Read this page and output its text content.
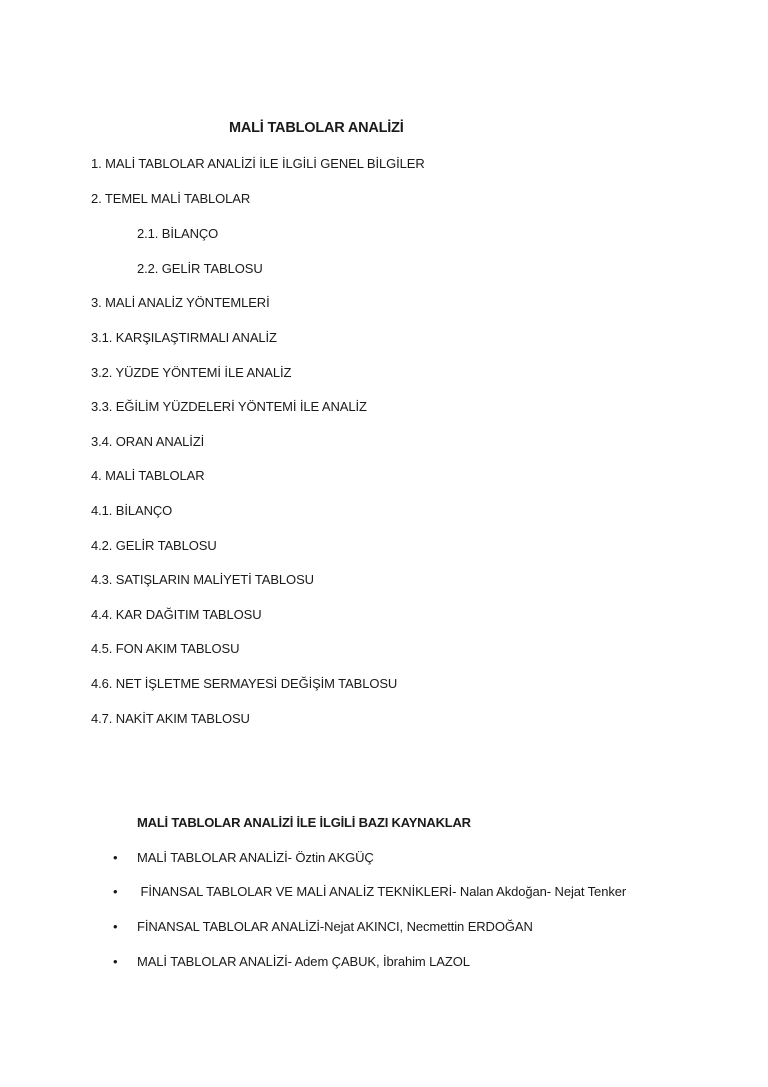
MALİ TABLOLAR ANALİZİ
1. MALİ TABLOLAR ANALİZİ İLE İLGİLİ GENEL BİLGİLER
2. TEMEL MALİ TABLOLAR
2.1. BİLANÇO
2.2. GELİR TABLOSU
3. MALİ ANALİZ YÖNTEMLERİ
3.1. KARŞILAŞTIRMALI ANALİZ
3.2. YÜZDE YÖNTEMİ İLE ANALİZ
3.3. EĞİLİM YÜZDELERİ YÖNTEMİ İLE ANALİZ
3.4. ORAN ANALİZİ
4. MALİ TABLOLAR
4.1. BİLANÇO
4.2. GELİR TABLOSU
4.3. SATIŞLARIN MALİYETİ TABLOSU
4.4. KAR DAĞITIM TABLOSU
4.5. FON AKIM TABLOSU
4.6. NET İŞLETME SERMAYESİ DEĞİŞİM TABLOSU
4.7. NAKİT AKIM TABLOSU
MALİ TABLOLAR ANALİZİ İLE İLGİLİ BAZI KAYNAKLAR
• MALİ TABLOLAR ANALİZİ- Öztin AKGÜÇ
• FİNANSAL TABLOLAR VE MALİ ANALİZ TEKNİKLERİ- Nalan Akdoğan- Nejat Tenker
• FİNANSAL TABLOLAR ANALİZİ-Nejat AKINCI, Necmettin ERDOĞAN
• MALİ TABLOLAR ANALİZİ- Adem ÇABUK, İbrahim LAZOL
